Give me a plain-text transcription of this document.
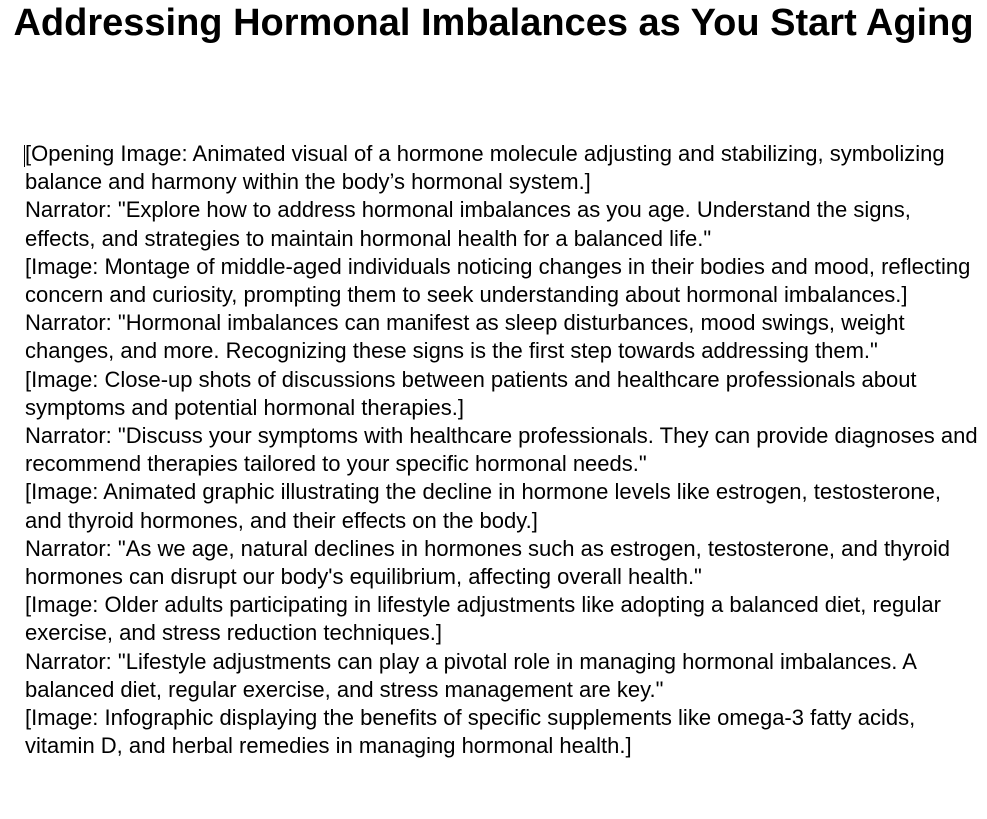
Addressing Hormonal Imbalances as You Start Aging

[Opening Image: Animated visual of a hormone molecule adjusting and stabilizing, symbolizing balance and harmony within the body’s hormonal system.]

Narrator: "Explore how to address hormonal imbalances as you age. Understand the signs, effects, and strategies to maintain hormonal health for a balanced life."

[Image: Montage of middle-aged individuals noticing changes in their bodies and mood, reflecting concern and curiosity, prompting them to seek understanding about hormonal imbalances.]

Narrator: "Hormonal imbalances can manifest as sleep disturbances, mood swings, weight changes, and more. Recognizing these signs is the first step towards addressing them."

[Image: Close-up shots of discussions between patients and healthcare professionals about symptoms and potential hormonal therapies.]

Narrator: "Discuss your symptoms with healthcare professionals. They can provide diagnoses and recommend therapies tailored to your specific hormonal needs."

[Image: Animated graphic illustrating the decline in hormone levels like estrogen, testosterone, and thyroid hormones, and their effects on the body.]

Narrator: "As we age, natural declines in hormones such as estrogen, testosterone, and thyroid hormones can disrupt our body's equilibrium, affecting overall health."

[Image: Older adults participating in lifestyle adjustments like adopting a balanced diet, regular exercise, and stress reduction techniques.]

Narrator: "Lifestyle adjustments can play a pivotal role in managing hormonal imbalances. A balanced diet, regular exercise, and stress management are key."

[Image: Infographic displaying the benefits of specific supplements like omega-3 fatty acids, vitamin D, and herbal remedies in managing hormonal health.]
